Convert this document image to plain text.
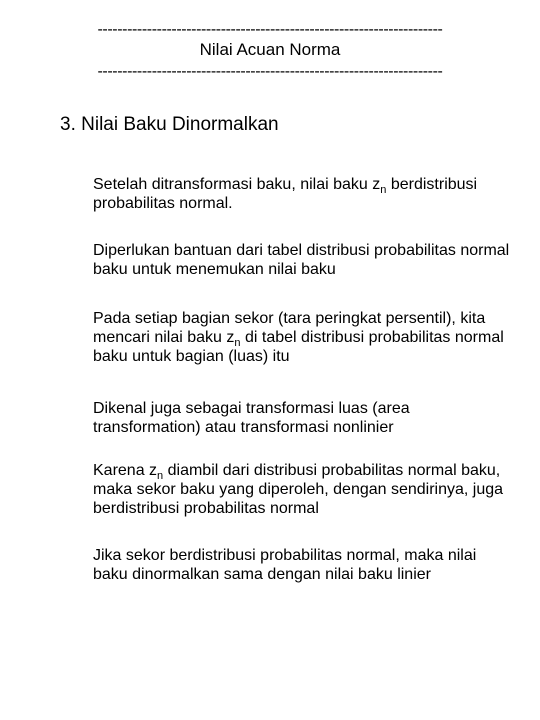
----------------------------------------------------------------------
Nilai Acuan Norma
----------------------------------------------------------------------
3. Nilai Baku Dinormalkan
Setelah ditransformasi baku, nilai baku $z_n$ berdistribusi probabilitas normal.
Diperlukan bantuan dari tabel distribusi probabilitas normal baku untuk menemukan nilai baku
Pada setiap bagian sekor (tara peringkat persentil), kita mencari nilai baku $z_n$ di tabel distribusi probabilitas normal baku untuk bagian (luas) itu
Dikenal juga sebagai transformasi luas (area transformation) atau transformasi nonlinier
Karena $z_n$ diambil dari distribusi probabilitas normal baku, maka sekor baku yang diperoleh, dengan sendirinya, juga berdistribusi probabilitas normal
Jika sekor berdistribusi probabilitas normal, maka nilai baku dinormalkan sama dengan nilai baku linier
